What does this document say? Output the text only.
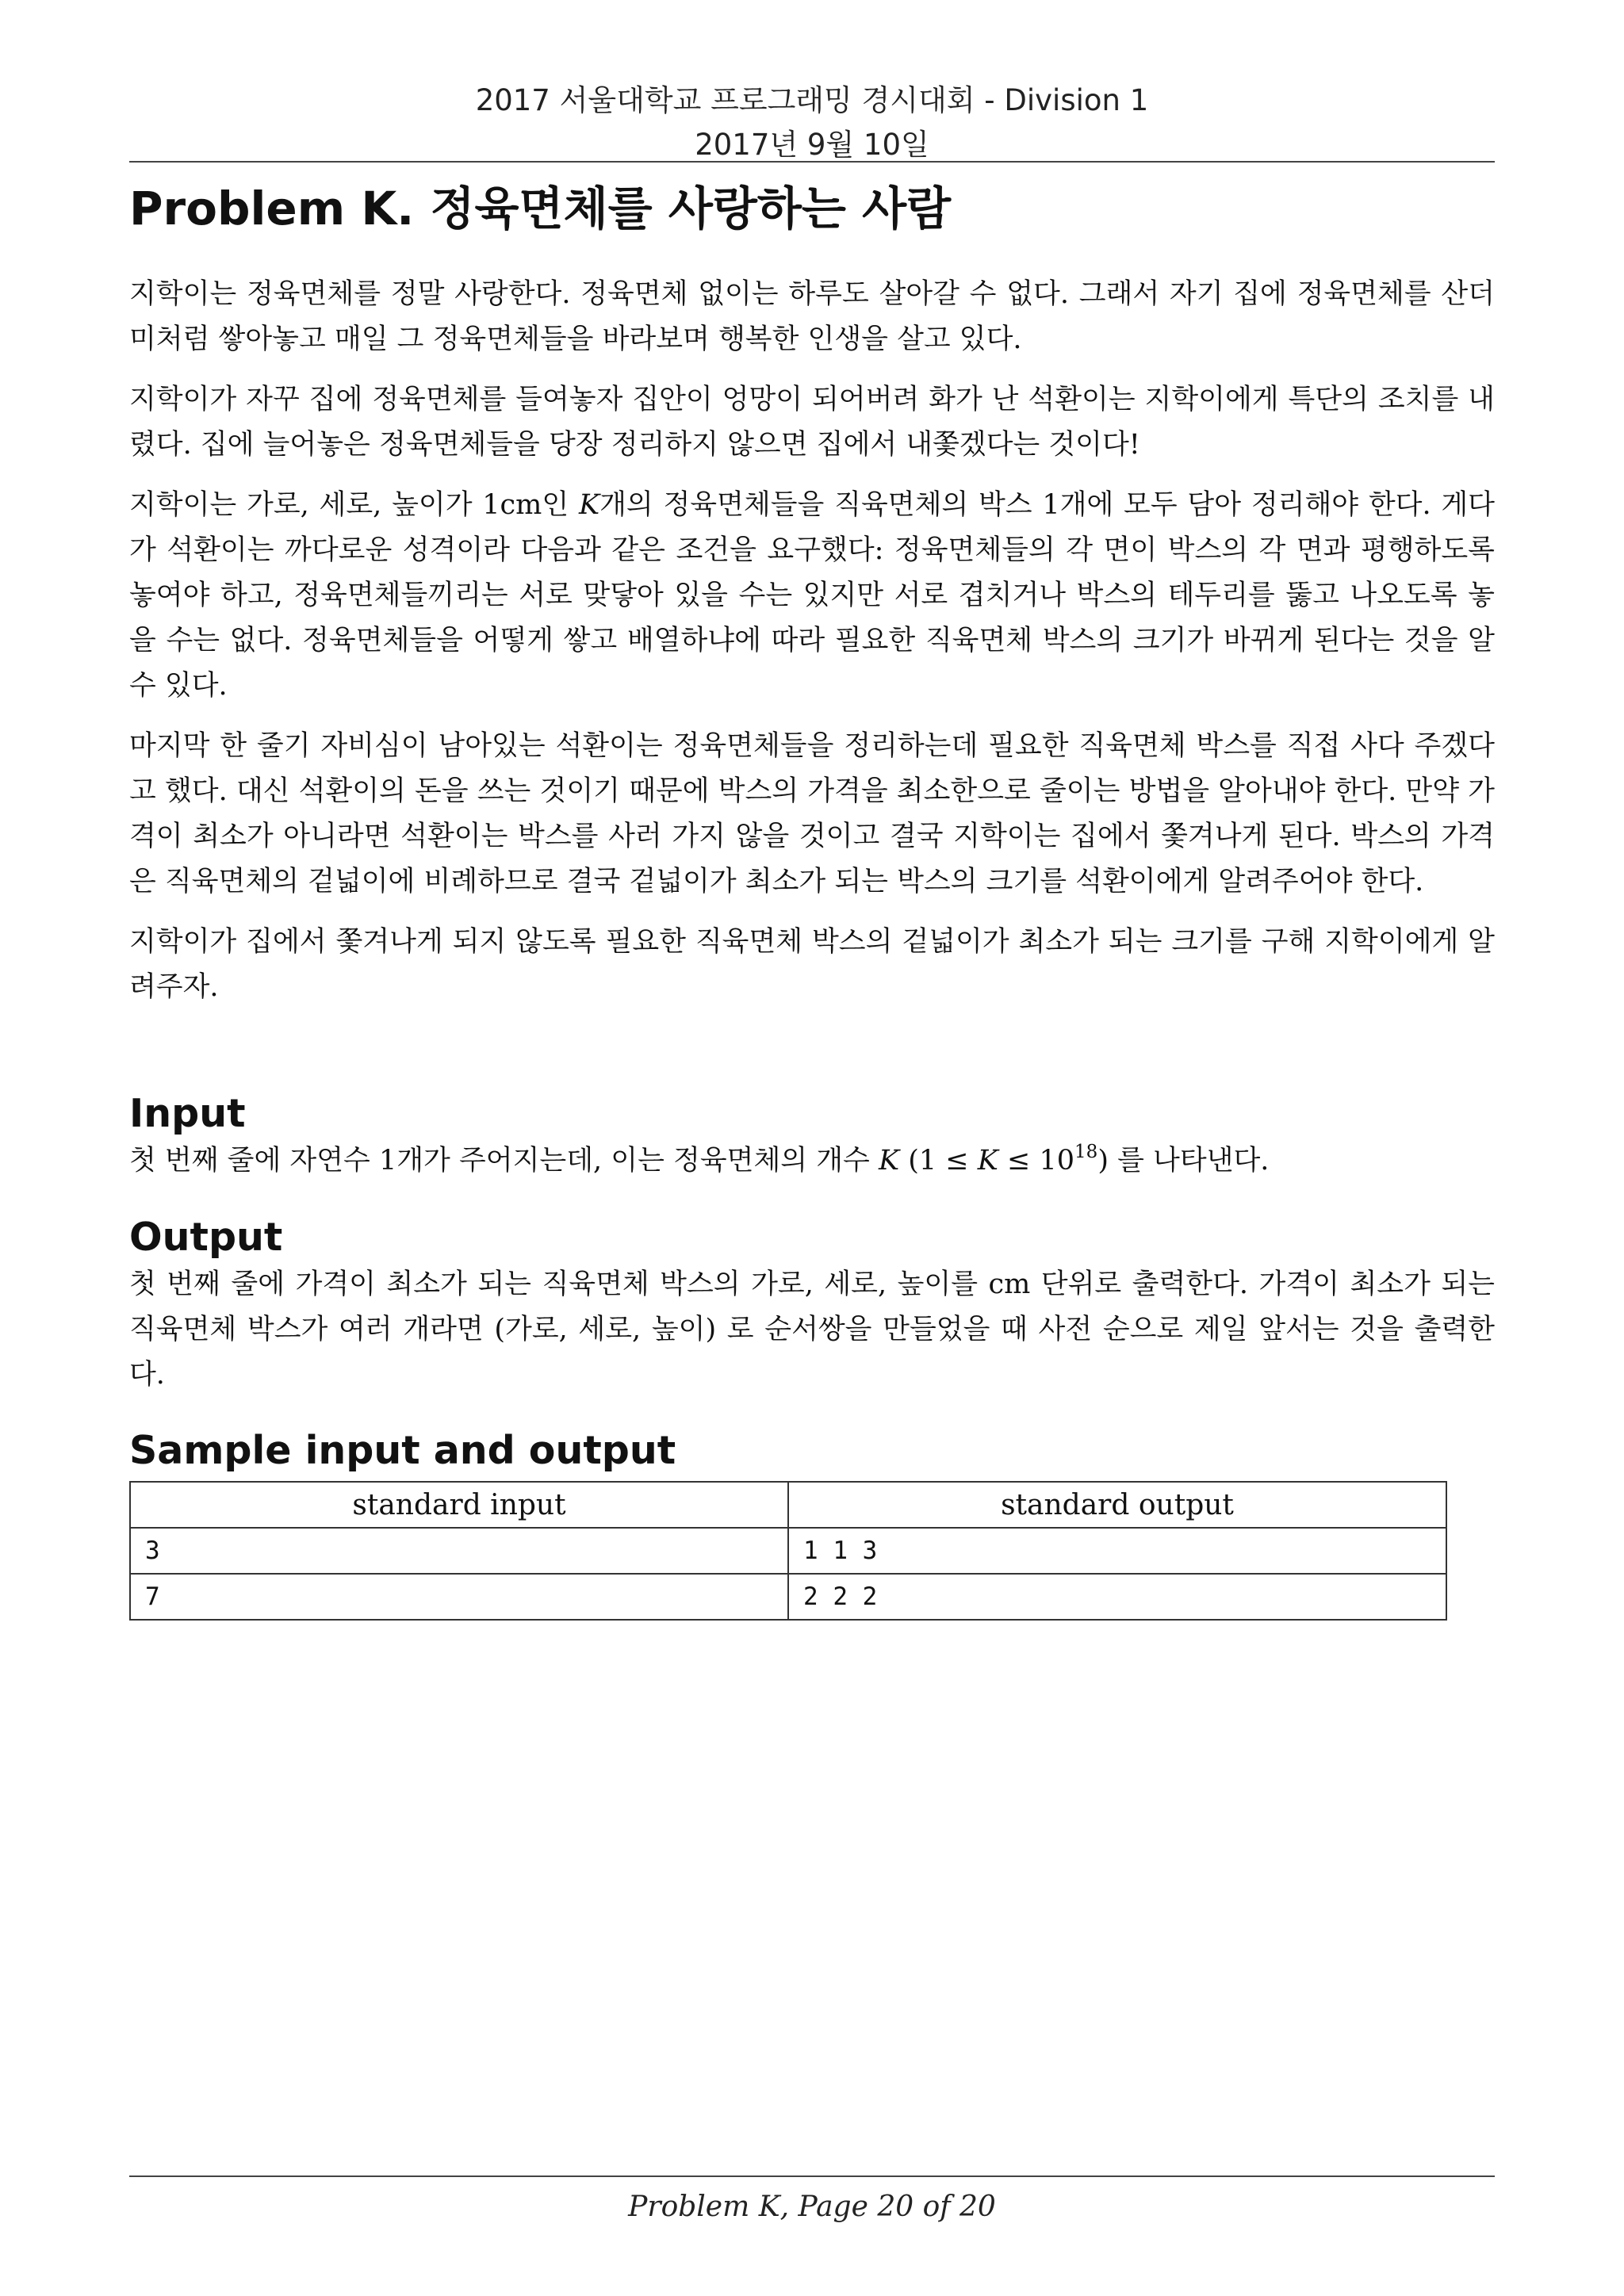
2017 서울대학교 프로그래밍 경시대회 - Division 1
2017년 9월 10일
Problem K. 정육면체를 사랑하는 사람

지학이는 정육면체를 정말 사랑한다. 정육면체 없이는 하루도 살아갈 수 없다. 그래서 자기 집에 정육면체를 산더미처럼 쌓아놓고 매일 그 정육면체들을 바라보며 행복한 인생을 살고 있다.

지학이가 자꾸 집에 정육면체를 들여놓자 집안이 엉망이 되어버려 화가 난 석환이는 지학이에게 특단의 조치를 내렸다. 집에 늘어놓은 정육면체들을 당장 정리하지 않으면 집에서 내쫓겠다는 것이다!

지학이는 가로, 세로, 높이가 1cm인 K개의 정육면체들을 직육면체의 박스 1개에 모두 담아 정리해야 한다. 게다가 석환이는 까다로운 성격이라 다음과 같은 조건을 요구했다: 정육면체들의 각 면이 박스의 각 면과 평행하도록 놓여야 하고, 정육면체들끼리는 서로 맞닿아 있을 수는 있지만 서로 겹치거나 박스의 테두리를 뚫고 나오도록 놓을 수는 없다. 정육면체들을 어떻게 쌓고 배열하냐에 따라 필요한 직육면체 박스의 크기가 바뀌게 된다는 것을 알 수 있다.

마지막 한 줄기 자비심이 남아있는 석환이는 정육면체들을 정리하는데 필요한 직육면체 박스를 직접 사다 주겠다고 했다. 대신 석환이의 돈을 쓰는 것이기 때문에 박스의 가격을 최소한으로 줄이는 방법을 알아내야 한다. 만약 가격이 최소가 아니라면 석환이는 박스를 사러 가지 않을 것이고 결국 지학이는 집에서 쫓겨나게 된다. 박스의 가격은 직육면체의 겉넓이에 비례하므로 결국 겉넓이가 최소가 되는 박스의 크기를 석환이에게 알려주어야 한다.

지학이가 집에서 쫓겨나게 되지 않도록 필요한 직육면체 박스의 겉넓이가 최소가 되는 크기를 구해 지학이에게 알려주자.

Input

첫 번째 줄에 자연수 1개가 주어지는데, 이는 정육면체의 개수 K $(1 \le K \le 10^{18})$ 를 나타낸다.

Output

첫 번째 줄에 가격이 최소가 되는 직육면체 박스의 가로, 세로, 높이를 cm 단위로 출력한다. 가격이 최소가 되는 직육면체 박스가 여러 개라면 (가로, 세로, 높이) 로 순서쌍을 만들었을 때 사전 순으로 제일 앞서는 것을 출력한다.

Sample input and output
standard input	standard output
3	1 1 3
7	2 2 2
Problem K, Page 20 of 20
